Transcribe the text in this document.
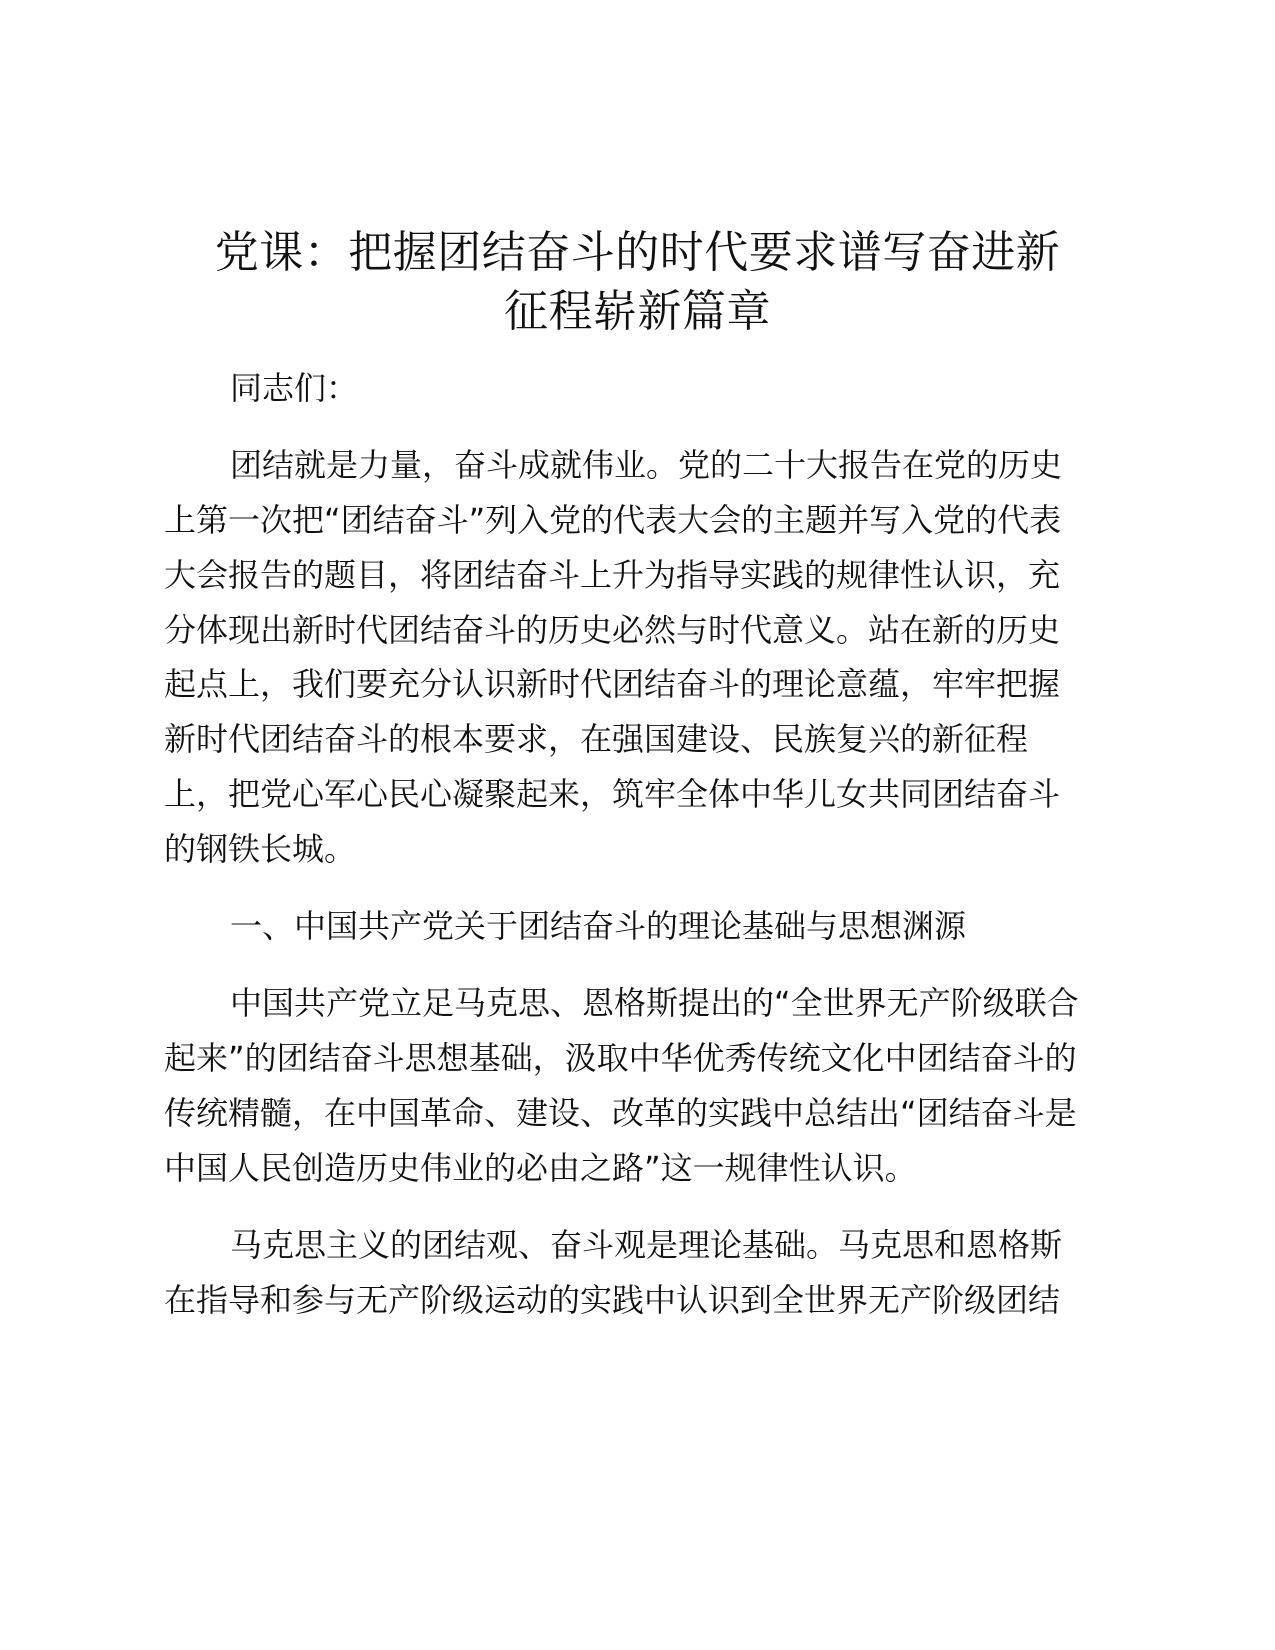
党课：把握团结奋斗的时代要求谱写奋进新
征程崭新篇章
同志们：
团结就是力量，奋斗成就伟业。党的二十大报告在党的历史
上第一次把“团结奋斗”列入党的代表大会的主题并写入党的代表
大会报告的题目，将团结奋斗上升为指导实践的规律性认识，充
分体现出新时代团结奋斗的历史必然与时代意义。站在新的历史
起点上，我们要充分认识新时代团结奋斗的理论意蕴，牢牢把握
新时代团结奋斗的根本要求，在强国建设、民族复兴的新征程
上，把党心军心民心凝聚起来，筑牢全体中华儿女共同团结奋斗
的钢铁长城。
一、中国共产党关于团结奋斗的理论基础与思想渊源
中国共产党立足马克思、恩格斯提出的“全世界无产阶级联合
起来”的团结奋斗思想基础，汲取中华优秀传统文化中团结奋斗的
传统精髓，在中国革命、建设、改革的实践中总结出“团结奋斗是
中国人民创造历史伟业的必由之路”这一规律性认识。
马克思主义的团结观、奋斗观是理论基础。马克思和恩格斯
在指导和参与无产阶级运动的实践中认识到全世界无产阶级团结
